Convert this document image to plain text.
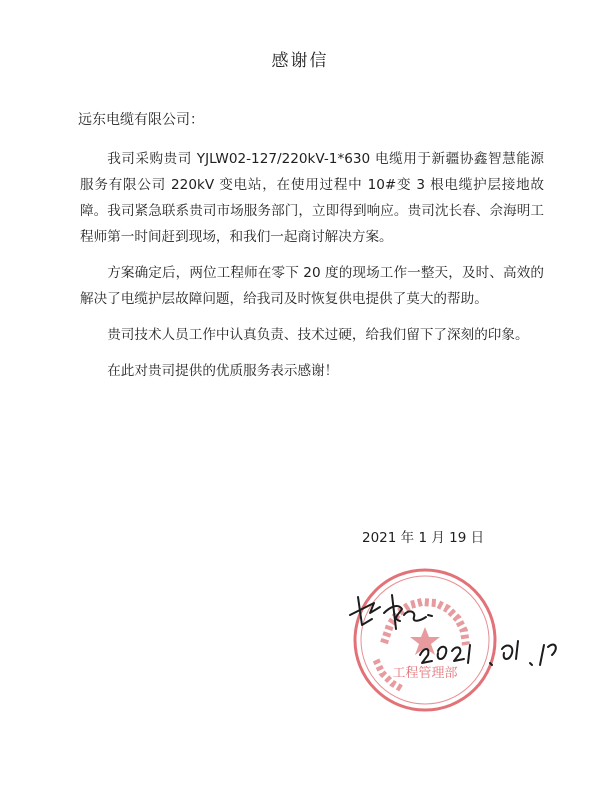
感谢信
远东电缆有限公司：

我司采购贵司 YJLW02-127/220kV-1*630 电缆用于新疆协鑫智慧能源服务有限公司 220kV 变电站，在使用过程中 10#变 3 根电缆护层接地故障。我司紧急联系贵司市场服务部门，立即得到响应。贵司沈长春、佘海明工程师第一时间赶到现场，和我们一起商讨解决方案。

方案确定后，两位工程师在零下 20 度的现场工作一整天，及时、高效的解决了电缆护层故障问题，给我司及时恢复供电提供了莫大的帮助。

贵司技术人员工作中认真负责、技术过硬，给我们留下了深刻的印象。

在此对贵司提供的优质服务表示感谢！

2021 年 1 月 19 日
工程管理部
